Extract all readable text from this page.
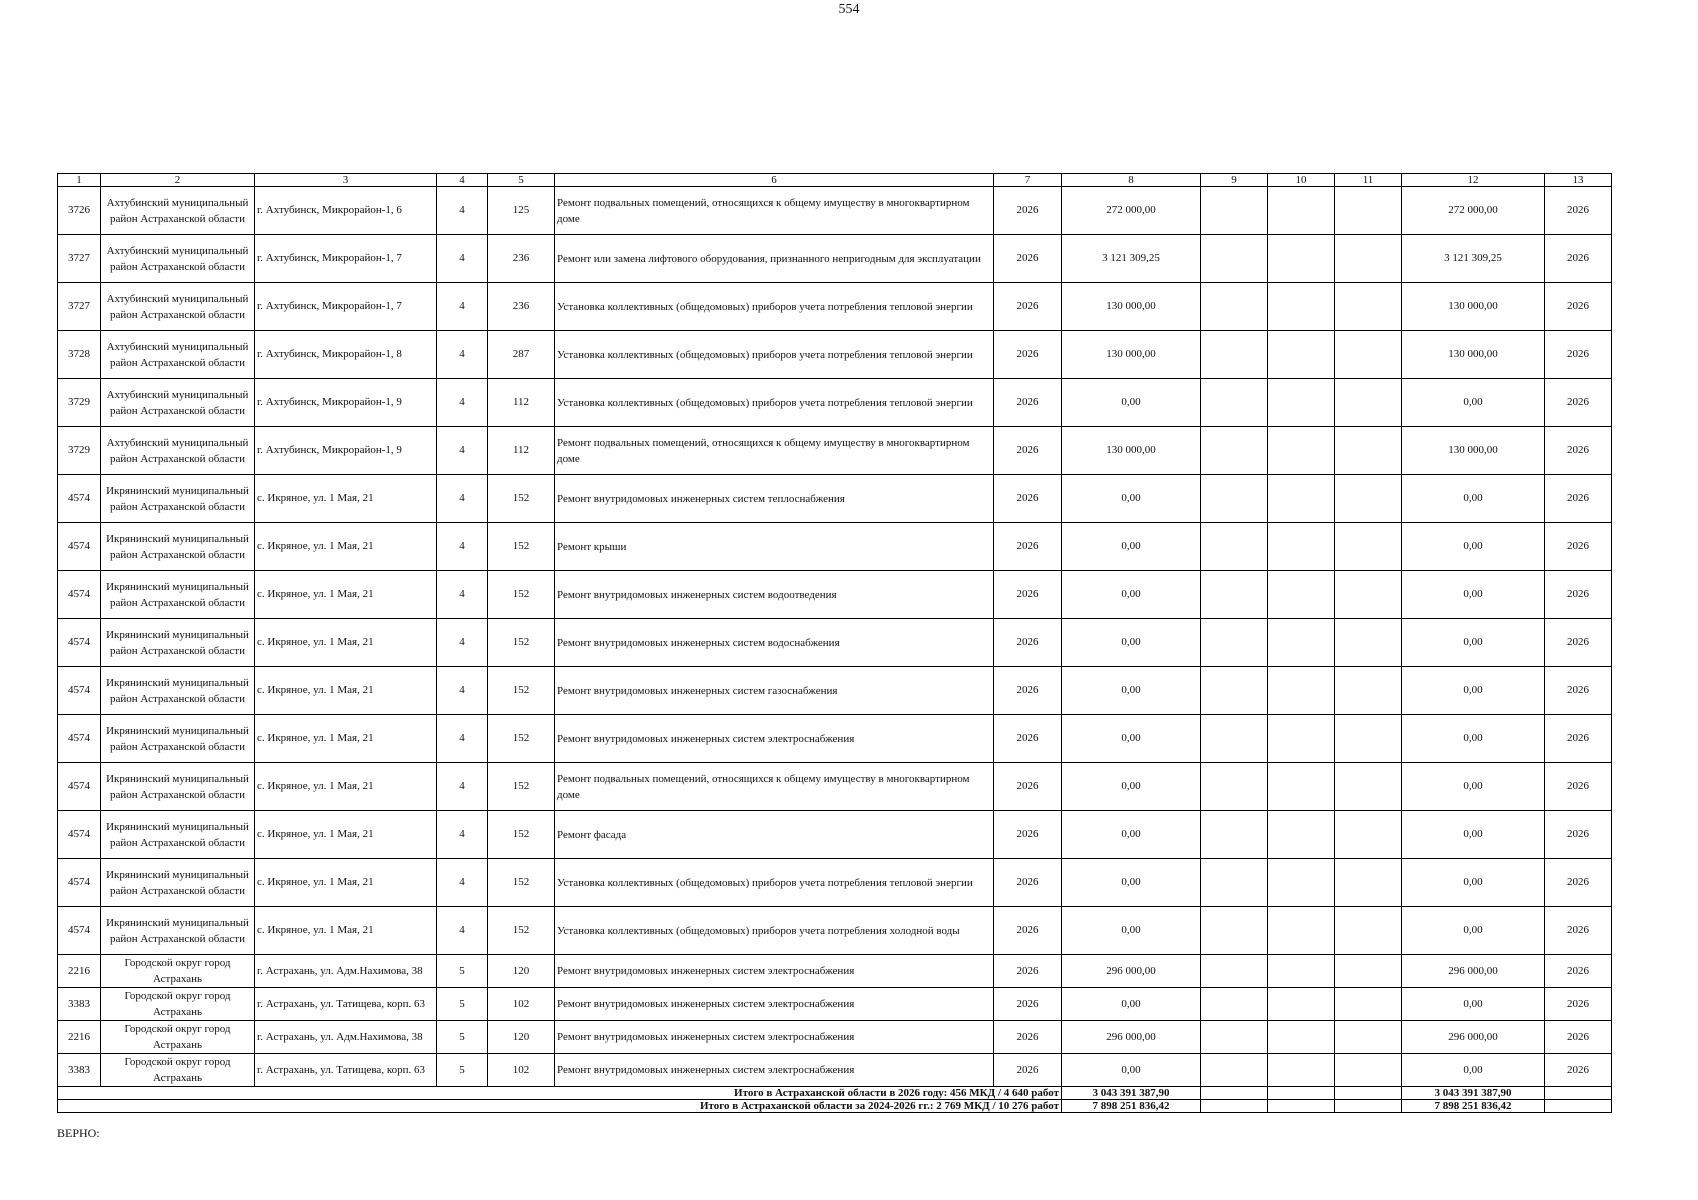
554
1	2	3	4	5	6	7	8	9	10	11	12	13
3726	Ахтубинский муниципальный район Астраханской области	г. Ахтубинск, Микрорайон-1, 6	4	125	Ремонт подвальных помещений, относящихся к общему имуществу в многоквартирном доме	2026	272 000,00				272 000,00	2026
3727	Ахтубинский муниципальный район Астраханской области	г. Ахтубинск, Микрорайон-1, 7	4	236	Ремонт или замена лифтового оборудования, признанного непригодным для эксплуатации	2026	3 121 309,25				3 121 309,25	2026
3727	Ахтубинский муниципальный район Астраханской области	г. Ахтубинск, Микрорайон-1, 7	4	236	Установка коллективных (общедомовых) приборов учета потребления тепловой энергии	2026	130 000,00				130 000,00	2026
3728	Ахтубинский муниципальный район Астраханской области	г. Ахтубинск, Микрорайон-1, 8	4	287	Установка коллективных (общедомовых) приборов учета потребления тепловой энергии	2026	130 000,00				130 000,00	2026
3729	Ахтубинский муниципальный район Астраханской области	г. Ахтубинск, Микрорайон-1, 9	4	112	Установка коллективных (общедомовых) приборов учета потребления тепловой энергии	2026	0,00				0,00	2026
3729	Ахтубинский муниципальный район Астраханской области	г. Ахтубинск, Микрорайон-1, 9	4	112	Ремонт подвальных помещений, относящихся к общему имуществу в многоквартирном доме	2026	130 000,00				130 000,00	2026
4574	Икрянинский муниципальный район Астраханской области	с. Икряное, ул. 1 Мая, 21	4	152	Ремонт внутридомовых инженерных систем теплоснабжения	2026	0,00				0,00	2026
4574	Икрянинский муниципальный район Астраханской области	с. Икряное, ул. 1 Мая, 21	4	152	Ремонт крыши	2026	0,00				0,00	2026
4574	Икрянинский муниципальный район Астраханской области	с. Икряное, ул. 1 Мая, 21	4	152	Ремонт внутридомовых инженерных систем водоотведения	2026	0,00				0,00	2026
4574	Икрянинский муниципальный район Астраханской области	с. Икряное, ул. 1 Мая, 21	4	152	Ремонт внутридомовых инженерных систем водоснабжения	2026	0,00				0,00	2026
4574	Икрянинский муниципальный район Астраханской области	с. Икряное, ул. 1 Мая, 21	4	152	Ремонт внутридомовых инженерных систем газоснабжения	2026	0,00				0,00	2026
4574	Икрянинский муниципальный район Астраханской области	с. Икряное, ул. 1 Мая, 21	4	152	Ремонт внутридомовых инженерных систем электроснабжения	2026	0,00				0,00	2026
4574	Икрянинский муниципальный район Астраханской области	с. Икряное, ул. 1 Мая, 21	4	152	Ремонт подвальных помещений, относящихся к общему имуществу в многоквартирном доме	2026	0,00				0,00	2026
4574	Икрянинский муниципальный район Астраханской области	с. Икряное, ул. 1 Мая, 21	4	152	Ремонт фасада	2026	0,00				0,00	2026
4574	Икрянинский муниципальный район Астраханской области	с. Икряное, ул. 1 Мая, 21	4	152	Установка коллективных (общедомовых) приборов учета потребления тепловой энергии	2026	0,00				0,00	2026
4574	Икрянинский муниципальный район Астраханской области	с. Икряное, ул. 1 Мая, 21	4	152	Установка коллективных (общедомовых) приборов учета потребления холодной воды	2026	0,00				0,00	2026
2216	Городской округ город Астрахань	г. Астрахань, ул. Адм.Нахимова, 38	5	120	Ремонт внутридомовых инженерных систем электроснабжения	2026	296 000,00				296 000,00	2026
3383	Городской округ город Астрахань	г. Астрахань, ул. Татищева, корп. 63	5	102	Ремонт внутридомовых инженерных систем электроснабжения	2026	0,00				0,00	2026
2216	Городской округ город Астрахань	г. Астрахань, ул. Адм.Нахимова, 38	5	120	Ремонт внутридомовых инженерных систем электроснабжения	2026	296 000,00				296 000,00	2026
3383	Городской округ город Астрахань	г. Астрахань, ул. Татищева, корп. 63	5	102	Ремонт внутридомовых инженерных систем электроснабжения	2026	0,00				0,00	2026
Итого в Астраханской области в 2026 году: 456 МКД / 4 640 работ							3 043 391 387,90				3 043 391 387,90	
Итого в Астраханской области за 2024-2026 гг.: 2 769 МКД / 10 276 работ							7 898 251 836,42				7 898 251 836,42	
ВЕРНО:
